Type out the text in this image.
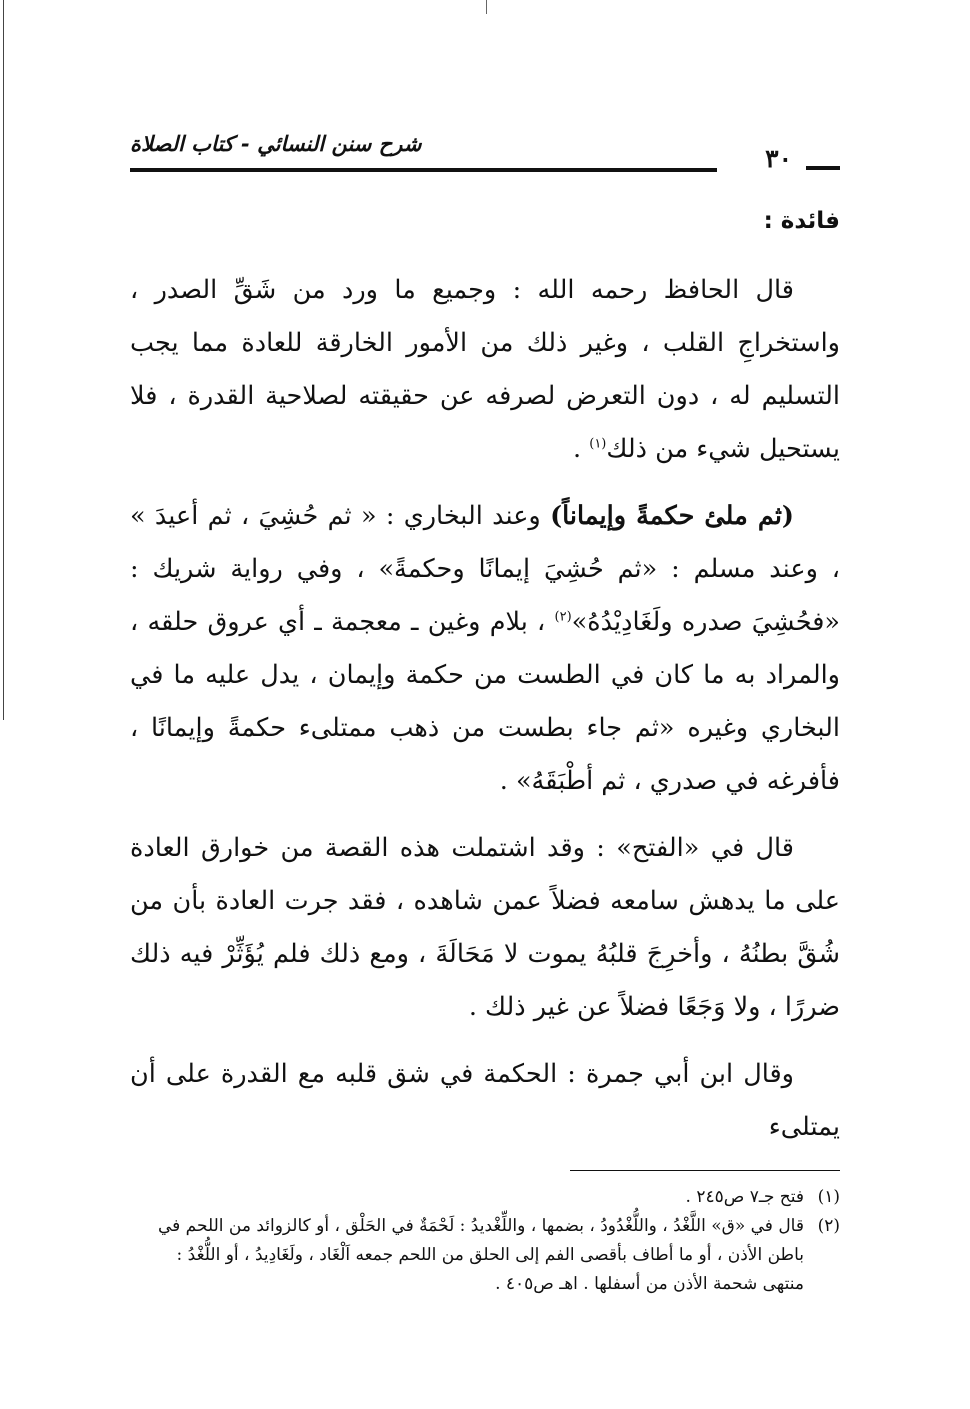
شرح سنن النسائي - كتاب الصلاة	٣٠
فائدة :

قال الحافظ رحمه الله : وجميع ما ورد من شَقِّ الصدر ، واستخراجِ القلب ، وغير ذلك من الأمور الخارقة للعادة مما يجب التسليم له ، دون التعرض لصرفه عن حقيقته لصلاحية القدرة ، فلا يستحيل شيء من ذلك$^{(١)}$ .

(ثم ملئ حكمةً وإيماناً) وعند البخاري : « ثم حُشِيَ ، ثم أعيدَ » ، وعند مسلم : «ثم حُشِيَ إيمانًا وحكمةً» ، وفي رواية شريك : «فحُشِيَ صدره ولَغَادِيْدُهُ»$^{(٢)}$ ، بلام وغين ـ معجمة ـ أي عروق حلقه ، والمراد به ما كان في الطست من حكمة وإيمان ، يدل عليه ما في البخاري وغيره «ثم جاء بطست من ذهب ممتلىء حكمةً وإيمانًا ، فأفرغه في صدري ، ثم أطْبَقَهُ» .

قال في «الفتح» : وقد اشتملت هذه القصة من خوارق العادة على ما يدهش سامعه فضلاً عمن شاهده ، فقد جرت العادة بأن من شُقَّ بطنُهُ ، وأخرِجَ قلبُهُ يموت لا مَحَالَةَ ، ومع ذلك فلم يُؤَثِّرْ فيه ذلك ضررًا ، ولا وَجَعًا فضلاً عن غير ذلك .

وقال ابن أبي جمرة : الحكمة في شق قلبه مع القدرة على أن يمتلىء

(١)
فتح جـ٧ ص٢٤٥ .
(٢)
قال في «ق» اللَّغْدُ ، واللُّغْدُودُ ، بضمها ، واللِّغْديدُ : لَحْمَةٌ في الحَلْق ، أو كالزوائد من اللحم في باطن الأذن ، أو ما أطاف بأقصى الفم إلى الحلق من اللحم جمعه اَلْغَاد ، ولَغَادِيدُ ، أو اللُّغْدُ : منتهى شحمة الأذن من أسفلها . اهـ ص٤٠٥ .
